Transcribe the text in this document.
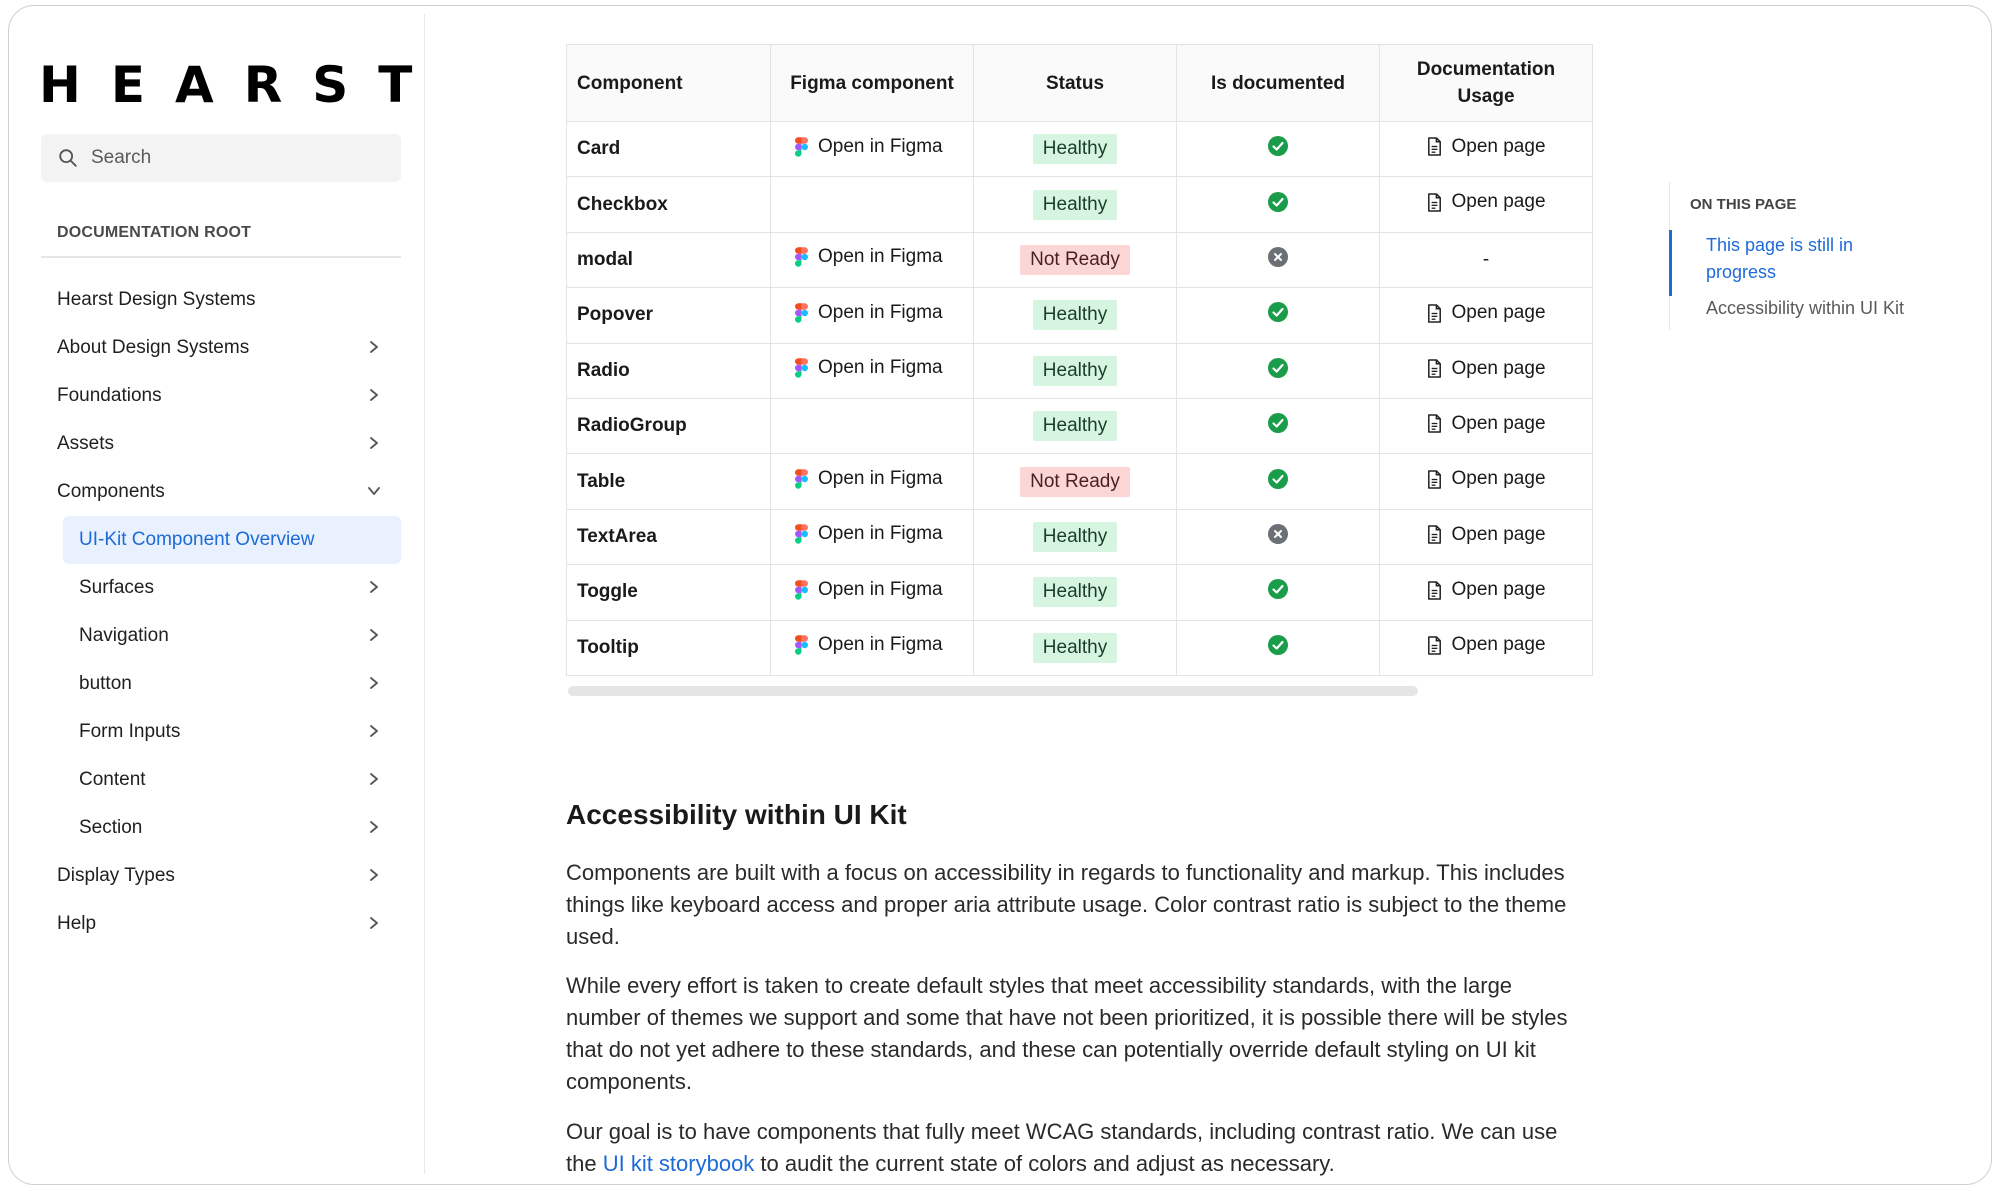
HEARST
Search
DOCUMENTATION ROOT
Hearst Design Systems
About Design Systems
Foundations
Assets
Components
UI-Kit Component Overview
Surfaces
Navigation
button
Form Inputs
Content
Section
Display Types
Help
Component	Figma component	Status	Is documented	Documentation Usage
Card	Open in Figma	Healthy		Open page

Checkbox		Healthy		Open page

modal	Open in Figma	Not Ready		-
Popover	Open in Figma	Healthy		Open page

Radio	Open in Figma	Healthy		Open page

RadioGroup		Healthy		Open page

Table	Open in Figma	Not Ready		Open page

TextArea	Open in Figma	Healthy		Open page

Toggle	Open in Figma	Healthy		Open page

Tooltip	Open in Figma	Healthy		Open page
Accessibility within UI Kit

Components are built with a focus on accessibility in regards to functionality and markup. This includes things like keyboard access and proper aria attribute usage. Color contrast ratio is subject to the theme used.

While every effort is taken to create default styles that meet accessibility standards, with the large number of themes we support and some that have not been prioritized, it is possible there will be styles that do not yet adhere to these standards, and these can potentially override default styling on UI kit components.

Our goal is to have components that fully meet WCAG standards, including contrast ratio. We can use the UI kit storybook to audit the current state of colors and adjust as necessary.

ON THIS PAGE
This page is still in progress
Accessibility within UI Kit
